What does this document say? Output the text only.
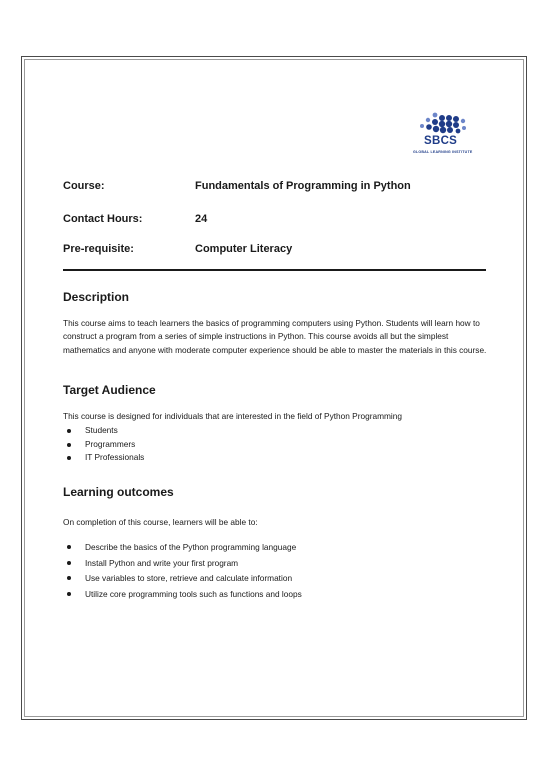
SBCS
GLOBAL LEARNING INSTITUTE
Course:	Fundamentals of Programming in Python
Contact Hours:	24
Pre-requisite:	Computer Literacy
Description

This course aims to teach learners the basics of programming computers using Python. Students will learn how to construct a program from a series of simple instructions in Python. This course avoids all but the simplest mathematics and anyone with moderate computer experience should be able to master the materials in this course.

Target Audience

This course is designed for individuals that are interested in the field of Python Programming

Students
Programmers
IT Professionals
Learning outcomes

On completion of this course, learners will be able to:

Describe the basics of the Python programming language
Install Python and write your first program
Use variables to store, retrieve and calculate information
Utilize core programming tools such as functions and loops
